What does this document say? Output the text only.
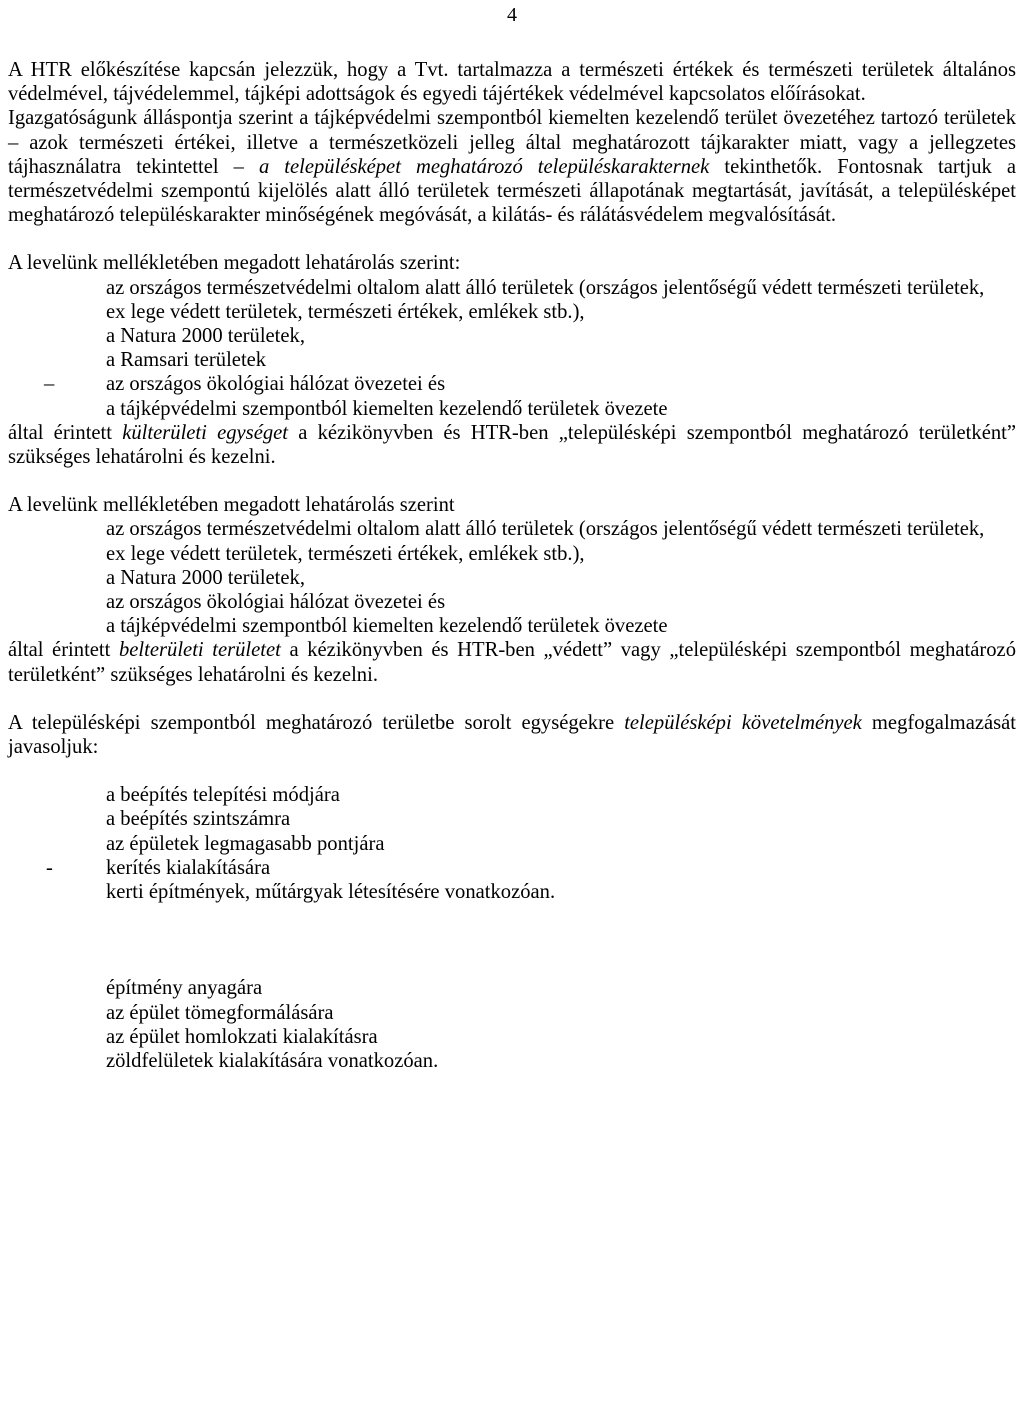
4

A HTR előkészítése kapcsán jelezzük, hogy a Tvt. tartalmazza a természeti értékek és természeti területek általános védelmével, tájvédelemmel, tájképi adottságok és egyedi tájértékek védelmével kapcsolatos előírásokat.

Igazgatóságunk álláspontja szerint a tájképvédelmi szempontból kiemelten kezelendő terület övezetéhez tartozó területek – azok természeti értékei, illetve a természetközeli jelleg által meghatározott tájkarakter miatt, vagy a jellegzetes tájhasználatra tekintettel – a településképet meghatározó településkarakternek tekinthetők. Fontosnak tartjuk a természetvédelmi szempontú kijelölés alatt álló területek természeti állapotának megtartását, javítását, a településképet meghatározó településkarakter minőségének megóvását, a kilátás- és rálátásvédelem megvalósítását.

A levelünk mellékletében megadott lehatárolás szerint:

az országos természetvédelmi oltalom alatt álló területek (országos jelentőségű védett természeti területek, ex lege védett területek, természeti értékek, emlékek stb.),

a Natura 2000 területek,

a Ramsari területek

–	az országos ökológiai hálózat övezetei és

a tájképvédelmi szempontból kiemelten kezelendő területek övezete

által érintett külterületi egységet a kézikönyvben és HTR-ben „településképi szempontból meghatározó területként” szükséges lehatárolni és kezelni.

A levelünk mellékletében megadott lehatárolás szerint

az országos természetvédelmi oltalom alatt álló területek (országos jelentőségű védett természeti területek, ex lege védett területek, természeti értékek, emlékek stb.),

a Natura 2000 területek,

az országos ökológiai hálózat övezetei és

a tájképvédelmi szempontból kiemelten kezelendő területek övezete

által érintett belterületi területet a kézikönyvben és HTR-ben „védett” vagy „településképi szempontból meghatározó területként” szükséges lehatárolni és kezelni.

A településképi szempontból meghatározó területbe sorolt egységekre településképi követelmények megfogalmazását javasoljuk:

a beépítés telepítési módjára

a beépítés szintszámra

az épületek legmagasabb pontjára

-	kerítés kialakítására

kerti építmények, műtárgyak létesítésére vonatkozóan.

építmény anyagára

az épület tömegformálására

az épület homlokzati kialakításra

zöldfelületek kialakítására vonatkozóan.
